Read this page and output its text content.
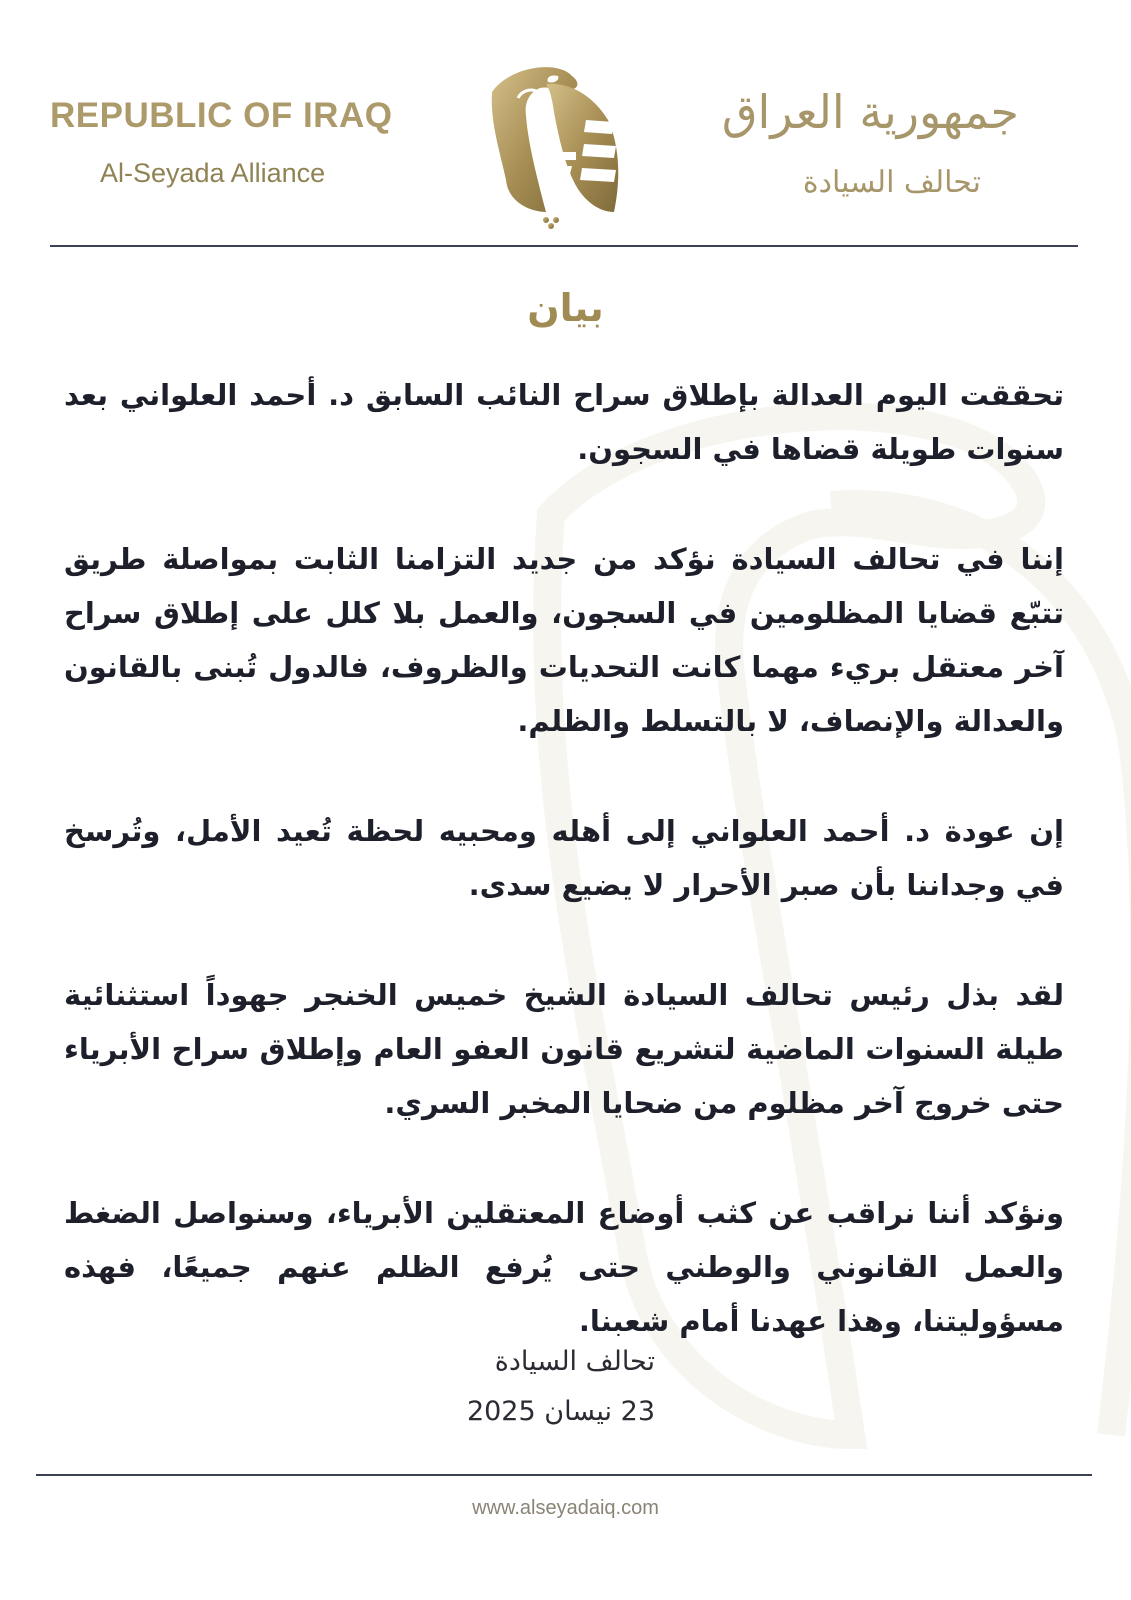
REPUBLIC OF IRAQ
Al-Seyada Alliance
جمهورية العراق
تحالف السيادة
بيان

تحققت اليوم العدالة بإطلاق سراح النائب السابق د. أحمد العلواني بعد سنوات طويلة قضاها في السجون.

إننا في تحالف السيادة نؤكد من جديد التزامنا الثابت بمواصلة طريق تتبّع قضايا المظلومين في السجون، والعمل بلا كلل على إطلاق سراح آخر معتقل بريء مهما كانت التحديات والظروف، فالدول تُبنى بالقانون والعدالة والإنصاف، لا بالتسلط والظلم.

إن عودة د. أحمد العلواني إلى أهله ومحبيه لحظة تُعيد الأمل، وتُرسخ في وجداننا بأن صبر الأحرار لا يضيع سدى.

لقد بذل رئيس تحالف السيادة الشيخ خميس الخنجر جهوداً استثنائية طيلة السنوات الماضية لتشريع قانون العفو العام وإطلاق سراح الأبرياء حتى خروج آخر مظلوم من ضحايا المخبر السري.

ونؤكد أننا نراقب عن كثب أوضاع المعتقلين الأبرياء، وسنواصل الضغط والعمل القانوني والوطني حتى يُرفع الظلم عنهم جميعًا، فهذه مسؤوليتنا، وهذا عهدنا أمام شعبنا.

تحالف السيادة
23 نيسان 2025
www.alseyadaiq.com
